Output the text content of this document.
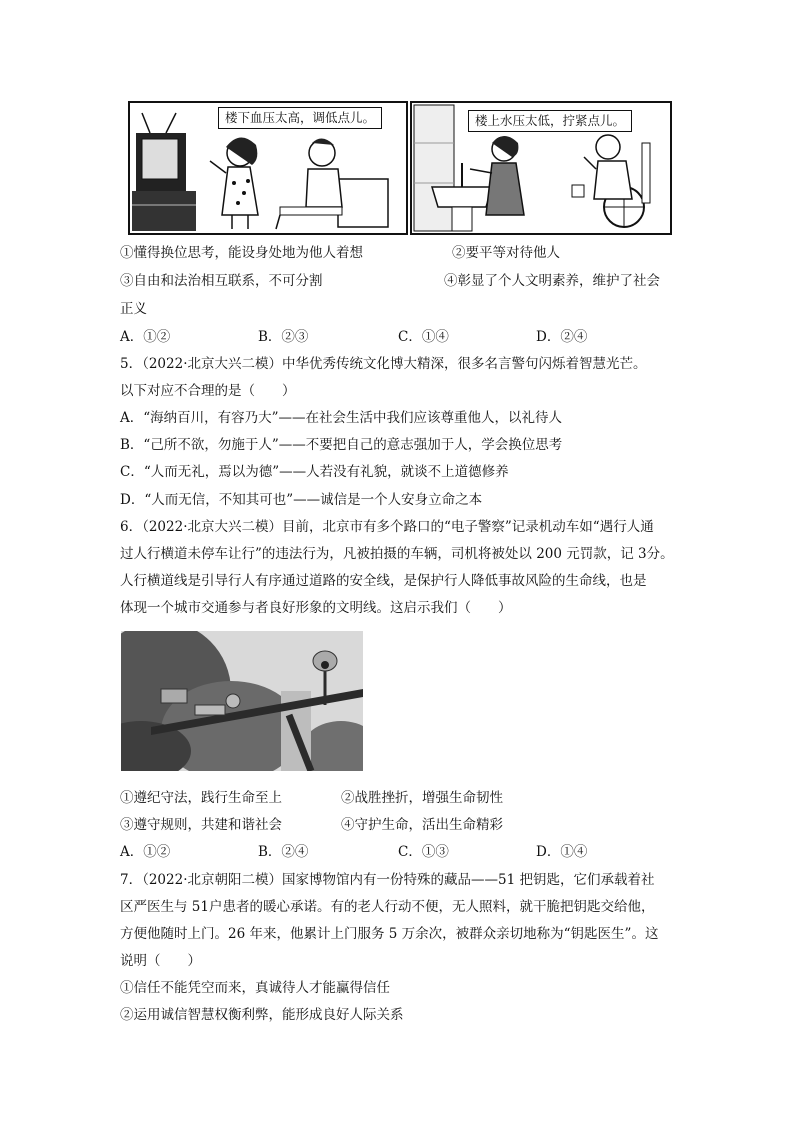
楼下血压太高，调低点儿。	楼上水压太低，拧紧点儿。
①懂得换位思考，能设身处地为他人着想	②要平等对待他人
③自由和法治相互联系，不可分割	④彰显了个人文明素养，维护了社会
正义
A．①②	B．②③	C．①④	D．②④
5．（2022·北京大兴二模）中华优秀传统文化博大精深，很多名言警句闪烁着智慧光芒。
以下对应不合理的是（　　）
A．“海纳百川，有容乃大”——在社会生活中我们应该尊重他人，以礼待人
B．“己所不欲，勿施于人”——不要把自己的意志强加于人，学会换位思考
C．“人而无礼，焉以为德”——人若没有礼貌，就谈不上道德修养
D．“人而无信，不知其可也”——诚信是一个人安身立命之本
6．（2022·北京大兴二模）目前，北京市有多个路口的“电子警察”记录机动车如“遇行人通
过人行横道未停车让行”的违法行为，凡被拍摄的车辆，司机将被处以 200 元罚款，记 3分。
人行横道线是引导行人有序通过道路的安全线，是保护行人降低事故风险的生命线，也是
体现一个城市交通参与者良好形象的文明线。这启示我们（　　）
①遵纪守法，践行生命至上	②战胜挫折，增强生命韧性
③遵守规则，共建和谐社会	④守护生命，活出生命精彩
A．①②	B．②④	C．①③	D．①④
7．（2022·北京朝阳二模）国家博物馆内有一份特殊的藏品——51 把钥匙，它们承载着社
区严医生与 51户患者的暖心承诺。有的老人行动不便，无人照料，就干脆把钥匙交给他，
方便他随时上门。26 年来，他累计上门服务 5 万余次，被群众亲切地称为“钥匙医生”。这
说明（　　）
①信任不能凭空而来，真诚待人才能赢得信任
②运用诚信智慧权衡利弊，能形成良好人际关系
